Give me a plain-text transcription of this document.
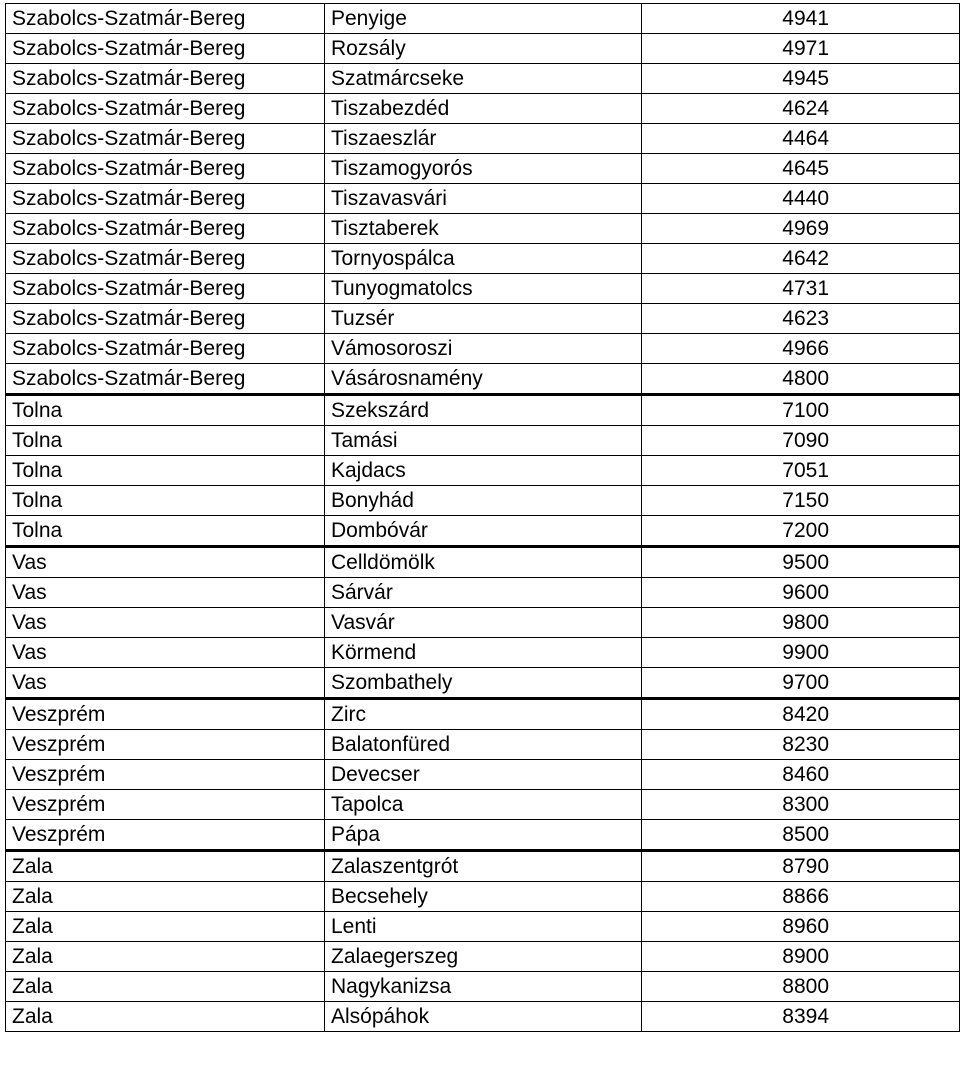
Szabolcs-Szatmár-Bereg	Penyige	4941
Szabolcs-Szatmár-Bereg	Rozsály	4971
Szabolcs-Szatmár-Bereg	Szatmárcseke	4945
Szabolcs-Szatmár-Bereg	Tiszabezdéd	4624
Szabolcs-Szatmár-Bereg	Tiszaeszlár	4464
Szabolcs-Szatmár-Bereg	Tiszamogyorós	4645
Szabolcs-Szatmár-Bereg	Tiszavasvári	4440
Szabolcs-Szatmár-Bereg	Tisztaberek	4969
Szabolcs-Szatmár-Bereg	Tornyospálca	4642
Szabolcs-Szatmár-Bereg	Tunyogmatolcs	4731
Szabolcs-Szatmár-Bereg	Tuzsér	4623
Szabolcs-Szatmár-Bereg	Vámosoroszi	4966
Szabolcs-Szatmár-Bereg	Vásárosnamény	4800
Tolna	Szekszárd	7100
Tolna	Tamási	7090
Tolna	Kajdacs	7051
Tolna	Bonyhád	7150
Tolna	Dombóvár	7200
Vas	Celldömölk	9500
Vas	Sárvár	9600
Vas	Vasvár	9800
Vas	Körmend	9900
Vas	Szombathely	9700
Veszprém	Zirc	8420
Veszprém	Balatonfüred	8230
Veszprém	Devecser	8460
Veszprém	Tapolca	8300
Veszprém	Pápa	8500
Zala	Zalaszentgrót	8790
Zala	Becsehely	8866
Zala	Lenti	8960
Zala	Zalaegerszeg	8900
Zala	Nagykanizsa	8800
Zala	Alsópáhok	8394
